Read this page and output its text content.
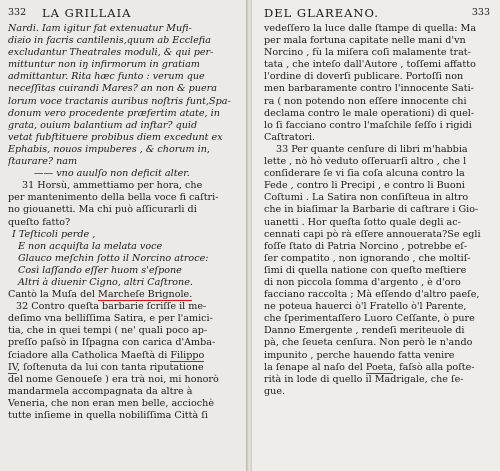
332 LA GRILLAIA
Nardi. Iam igitur fat extenuatur Mufi-
diƨio in facris cantilenis,quum ab Ecclefia
excludantur Theatrales moduli, & qui per-
mittuntur non iŋ infirmorum in gratiam
admittantur. Rita hæc funto : verum que
neceſſitas cuirandi Mares? an non & puera
lorum voce tractanis auribus noſtris funt,Spa-
donum vero procedente præfertim atate, in
grata, ouium balantium ad inftar? quid
vetat fubftituere probibus diem excedunt ex
Ephabis, nouos impuberes , & chorum in,
ſtaurare? nam
—— vno auulſo non deficit alter.
31 Horsù, ammettiamo per hora, che
per mantenimento della bella voce fi caſtri-
no giouanetti. Ma chi può aſſicurarli di
queſto fatto?
I Teſticoli perde ,
E non acquiſta la melata voce
Glauco meſchin ſotto il Norcino atroce:
Così laſſando eſſer huom s'eſpone
Altri à diuenir Cigno, altri Caſtrone.
Cantò la Muſa del Marcheſe Brignole.
32 Contro queſta barbarie ſcriſſe il me-
deſimo vna belliſſima Satira, e per l'amici-
tia, che in quei tempi ( ne' quali poco ap-
preſſo paſsò in Iſpagna con carica d'Amba-
ſciadore alla Catholica Maeſtà di Filippo
IV, ſoſtenuta da lui con tanta riputatione
del nome Genoueſe ) era trà noi, mi honorò
mandarmela accompagnata da altre à
Veneria, che non eran men belle, acciochè
tutte inſieme in quella nobiliſſima Città ſi
DEL GLAREANO.	333
vedeſſero la luce dalle ſtampe di quella: Ma
per mala fortuna capitate nelle mani d'vn
Norcino , fù la miſera coſi malamente trat-
tata , che inteſo dall'Autore , toſſemi affatto
l'ordine di doverſi publicare. Portoſſi non
men barbaramente contro l'innocente Sati-
ra ( non potendo non eſſere innocente chi
declama contro le male operationi) di quel-
lo ſi facciano contro l'maſchile ſeſſo i rigidi
Caſtratori.
33 Per quante cenſure di libri m'habbia
lette , nò hò veduto oſſeruarſi altro , che l
conſiderare ſe vi ſia coſa alcuna contro la
Fede , contro li Precipi , e contro li Buoni
Coſtumi . La Satira non conſiſteua in altro
che in biaſimar la Barbarie di caſtrare i Gio-
uanetti . Hor queſta ſotto quale degli ac-
cennati capi pò rà eſſere annouerata?Se egli
foſſe ſtato di Patria Norcino , potrebbe eſ-
ſer compatito , non ignorando , che moltiſ-
ſimi di quella natione con queſto meſtiere
di non piccola ſomma d'argento , è d'oro
facciano raccolta ; Mà eſſendo d'altro paeſe,
ne poteua hauerci ò'l Fratello ò'l Parente,
che ſperimentaſſero Luoro Ceſſante, ò pure
Danno Emergente , rendeſi meriteuole di
pà, che ſeueta cenſura. Non però le n'ando
impunito , perche hauendo fatta venire
la ſenape al naſo del Poeta, faſsò alla poſte-
rità in lode di quello il Madrigale, che ſe-
gue.
